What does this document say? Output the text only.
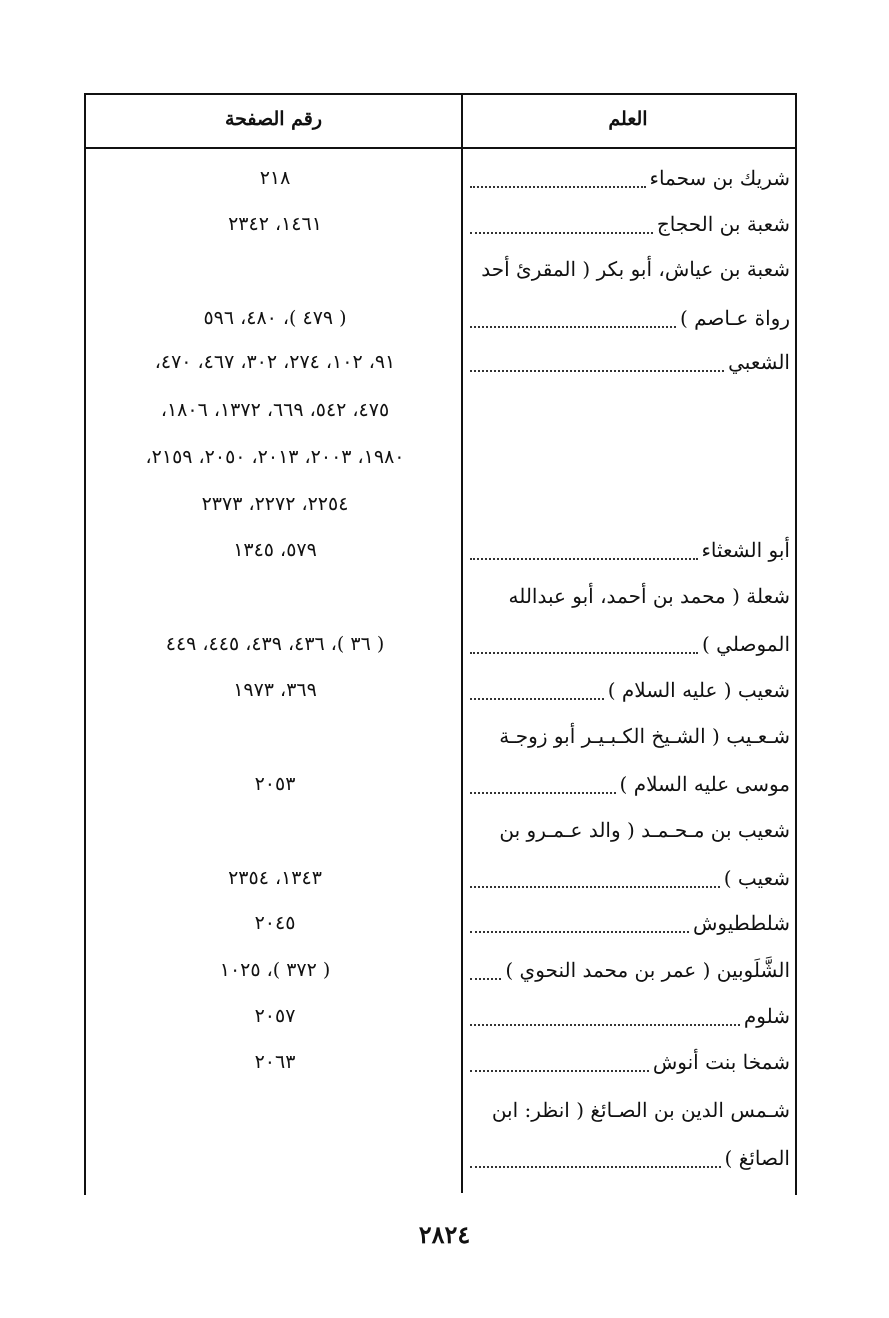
العلم
رقم الصفحة
شريك بن سحماء
٢١٨
شعبة بن الحجاج
١٤٦١، ٢٣٤٢
شعبة بن عياش، أبو بكر ( المقرئ أحد
رواة عـاصم )
( ٤٧٩ )، ٤٨٠، ٥٩٦
الشعبي
٩١، ١٠٢، ٢٧٤، ٣٠٢، ٤٦٧، ٤٧٠،
٤٧٥، ٥٤٢، ٦٦٩، ١٣٧٢، ١٨٠٦،
١٩٨٠، ٢٠٠٣، ٢٠١٣، ٢٠٥٠، ٢١٥٩،
٢٢٥٤، ٢٢٧٢، ٢٣٧٣
أبو الشعثاء
٥٧٩، ١٣٤٥
شعلة ( محمد بن أحمد، أبو عبدالله
الموصلي )
( ٣٦ )، ٤٣٦، ٤٣٩، ٤٤٥، ٤٤٩
شعيب ( عليه السلام )
٣٦٩، ١٩٧٣
شـعـيب ( الشـيخ الكـبـيـر أبو زوجـة
موسى عليه السلام )
٢٠٥٣
شعيب بن مـحـمـد ( والد عـمـرو بن
شعيب )
١٣٤٣، ٢٣٥٤
شلططيوش
٢٠٤٥
الشَّلَوبين ( عمر بن محمد النحوي )
( ٣٧٢ )، ١٠٢٥
شلوم
٢٠٥٧
شمخا بنت أنوش
٢٠٦٣
شـمس الدين بن الصـائغ ( انظر: ابن
الصائغ )
٢٨٢٤
